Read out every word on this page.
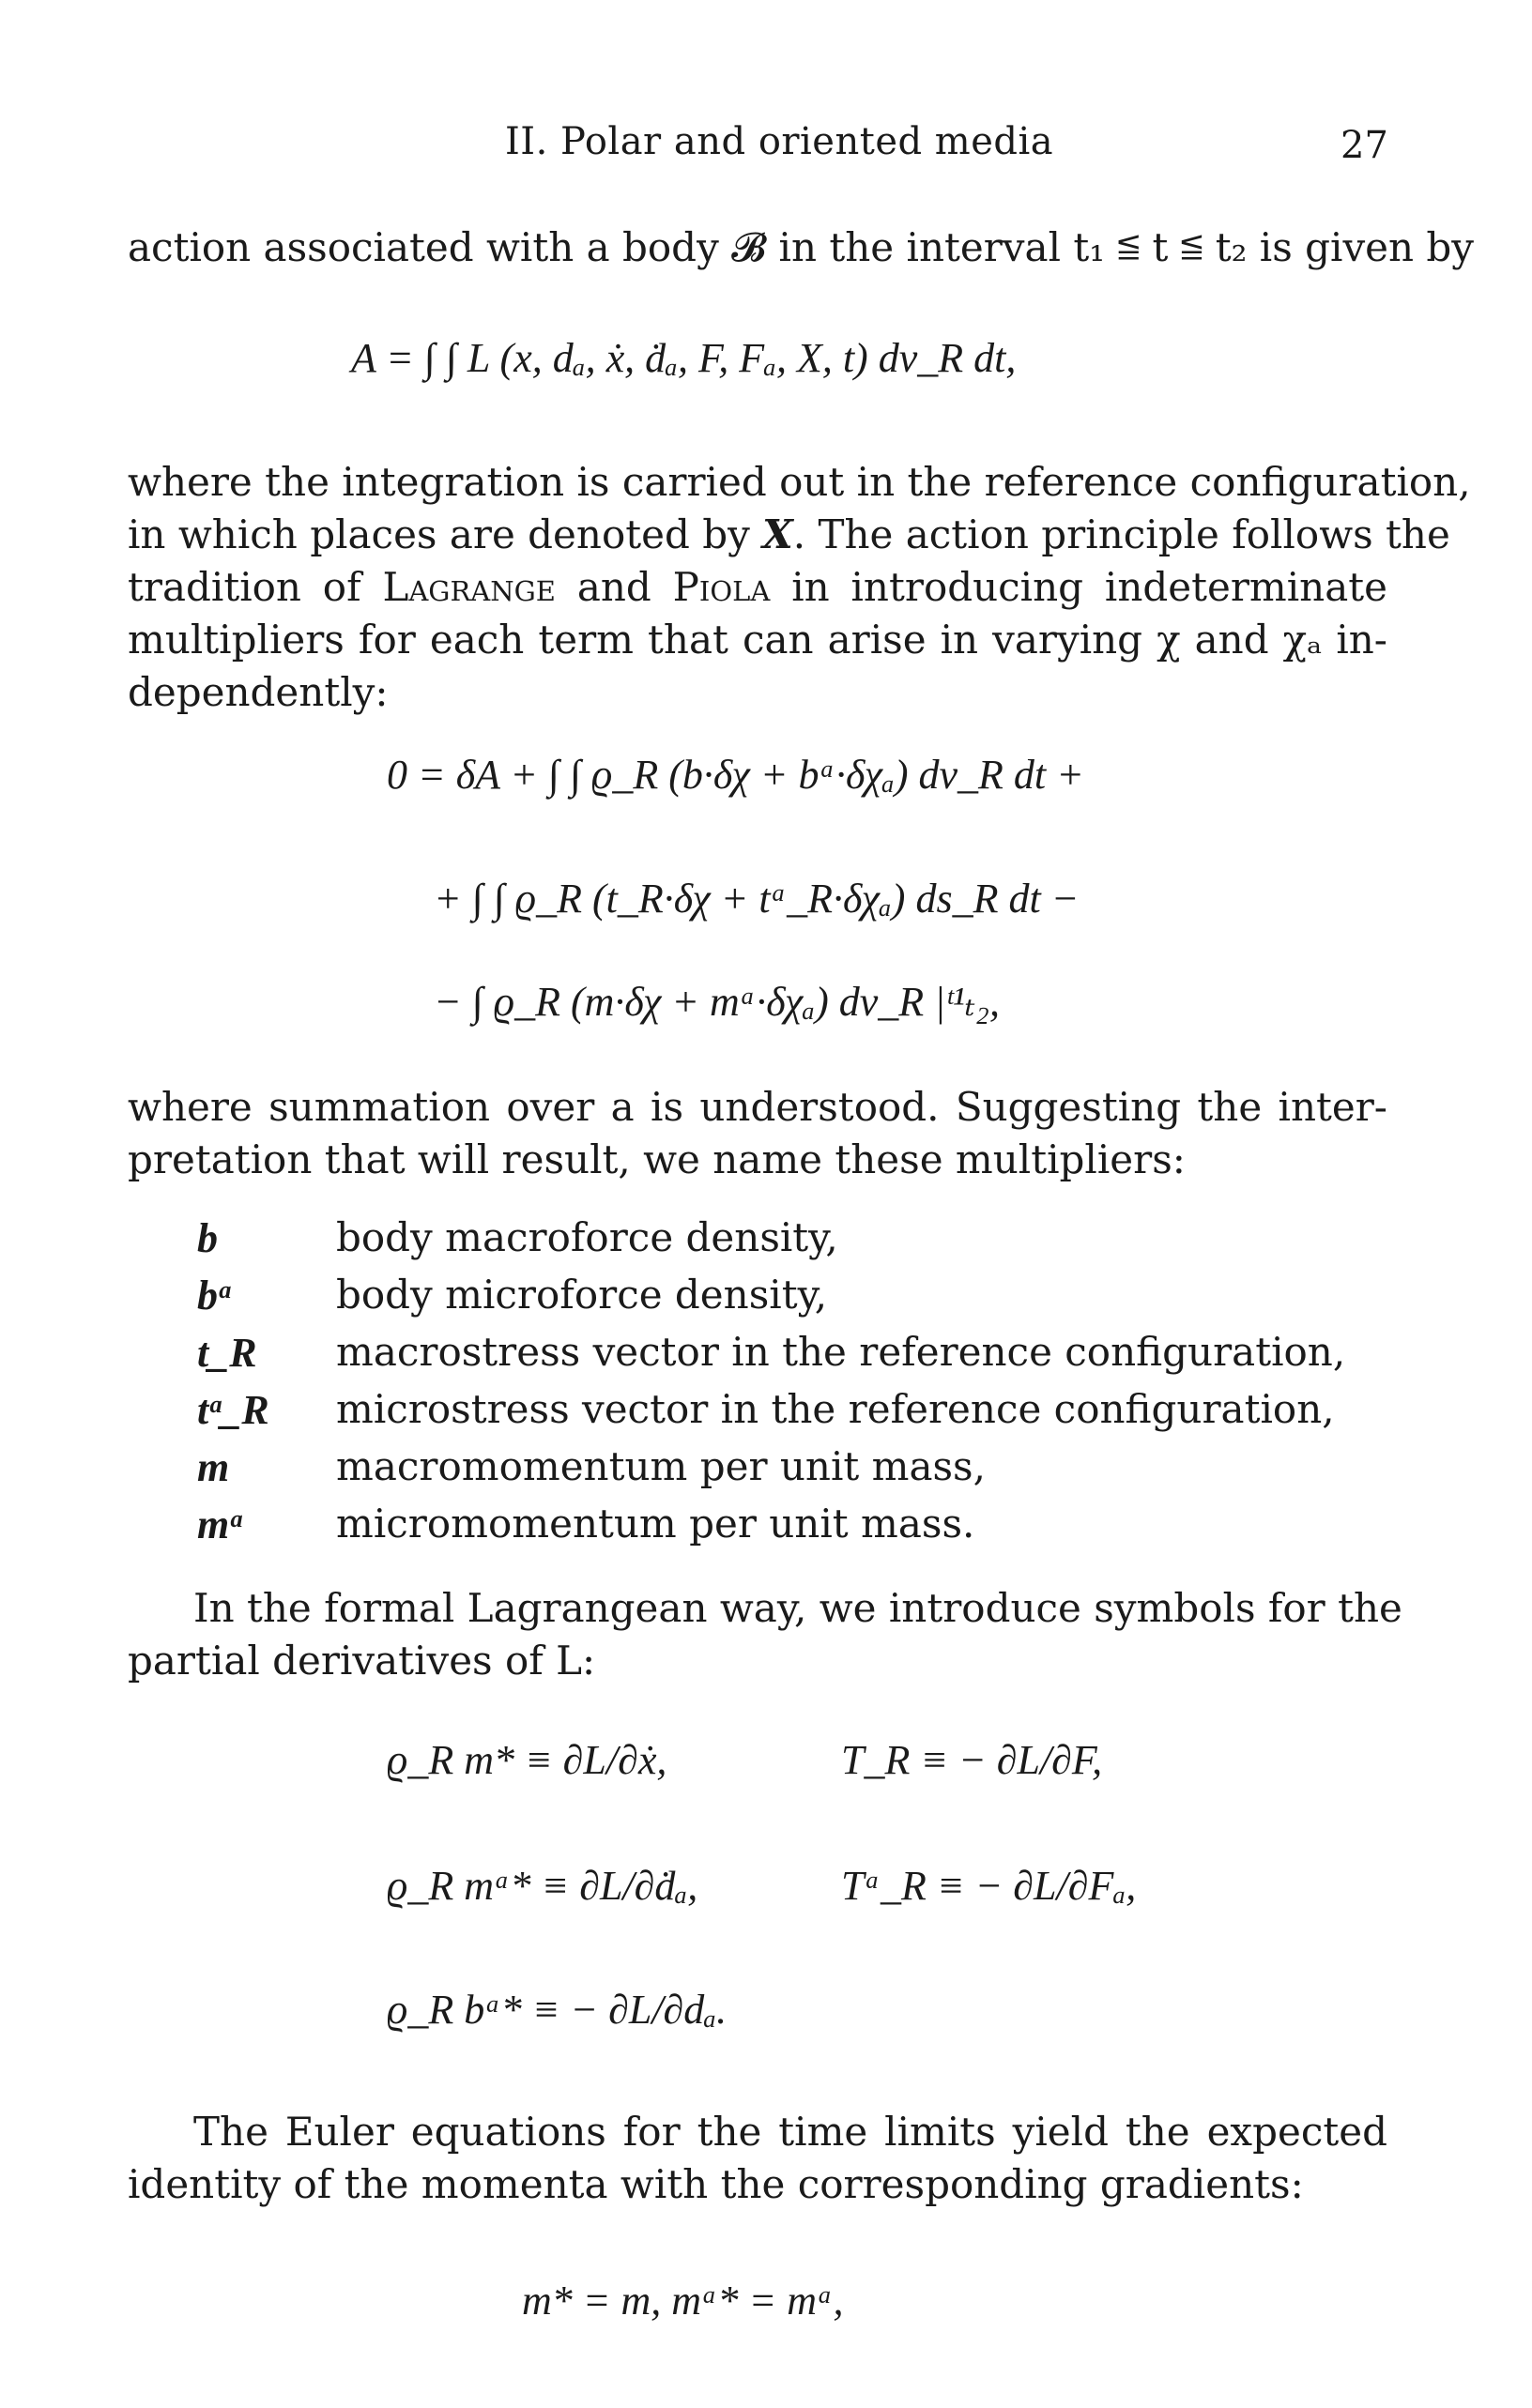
II. Polar and oriented media	27
action associated with a body 𝓑 in the interval t₁ ≦ t ≦ t₂ is given by
A = ∫ ∫ L (x, dₐ, ẋ, ḋₐ, F, Fₐ, X, t) dv_R dt,
where the integration is carried out in the reference configuration,
in which places are denoted by X. The action principle follows the
tradition of Lagrange and Piola in introducing indeterminate
multipliers for each term that can arise in varying χ and χₐ in-
dependently:
0 = δA + ∫ ∫ ϱ_R (b·δχ + bᵃ·δχₐ) dv_R dt +
+ ∫ ∫ ϱ_R (t_R·δχ + tᵃ_R·δχₐ) ds_R dt −
− ∫ ϱ_R (m·δχ + mᵃ·δχₐ) dv_R |ᵗ¹ₜ₂,
where summation over a is understood. Suggesting the inter-
pretation that will result, we name these multipliers:
b	body macroforce density,
bᵃ	body microforce density,
t_R macrostress vector in the reference configuration,
tᵃ_R microstress vector in the reference configuration,
m	macromomentum per unit mass,
mᵃ micromomentum per unit mass.
In the formal Lagrangean way, we introduce symbols for the
partial derivatives of L:
ϱ_R m* ≡ ∂L/∂ẋ,	T_R ≡ − ∂L/∂F,
ϱ_R mᵃ* ≡ ∂L/∂ḋₐ,	Tᵃ_R ≡ − ∂L/∂Fₐ,
ϱ_R bᵃ* ≡ − ∂L/∂dₐ.
The Euler equations for the time limits yield the expected
identity of the momenta with the corresponding gradients:
m* = m, mᵃ* = mᵃ,
